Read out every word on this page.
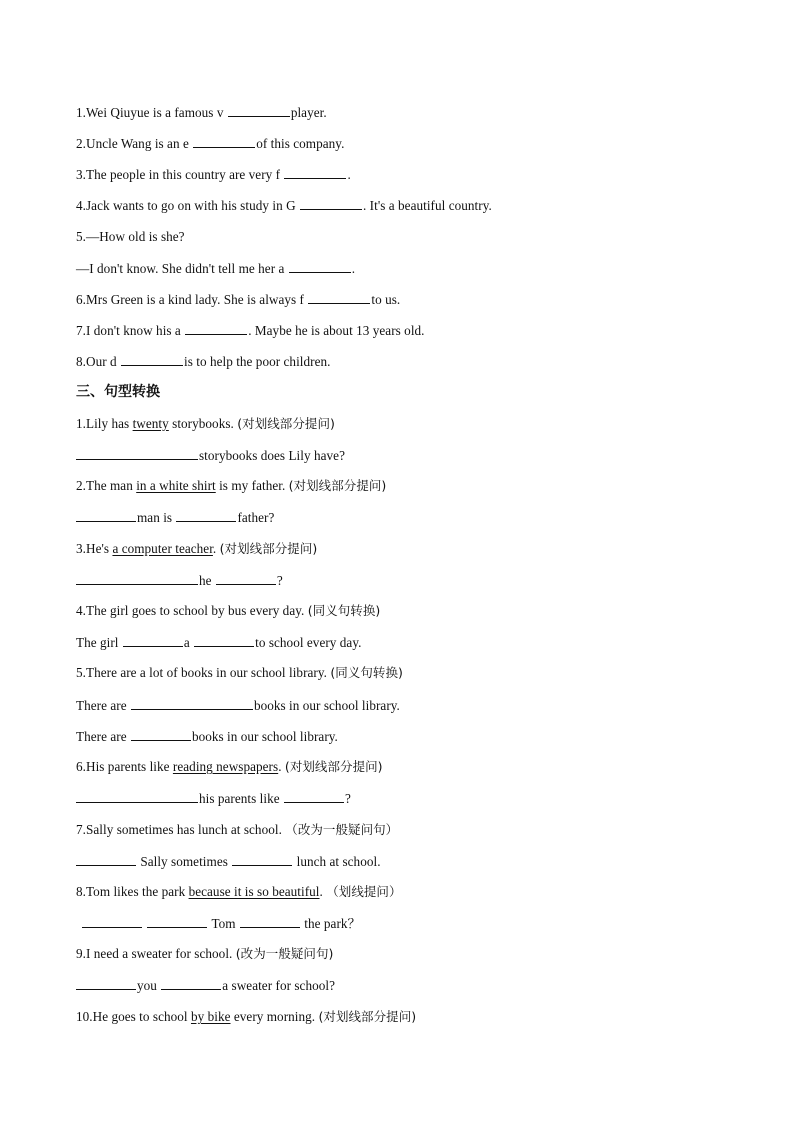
1.Wei Qiuyue is a famous v	player.
2.Uncle Wang is an e	of this company.
3.The people in this country are very f	.
4.Jack wants to go on with his study in G	. It's a beautiful country.
5.—How old is she?
—I don't know. She didn't tell me her a	.
6.Mrs Green is a kind lady. She is always f	to us.
7.I don't know his a	. Maybe he is about 13 years old.
8.Our d	is to help the poor children.
三、句型转换
1.Lily has twenty storybooks. (对划线部分提问)
storybooks does Lily have?
2.The man in a white shirt is my father. (对划线部分提问)
man is	father?
3.He's a computer teacher. (对划线部分提问)
he	?
4.The girl goes to school by bus every day. (同义句转换)
The girl	a	to school every day.
5.There are a lot of books in our school library. (同义句转换)
There are	books in our school library.
There are	books in our school library.
6.His parents like reading newspapers. (对划线部分提问)
his parents like	?
7.Sally sometimes has lunch at school. （改为一般疑问句）
Sally sometimes	lunch at school.
8.Tom likes the park because it is so beautiful. （划线提问）
Tom	the park？
9.I need a sweater for school. (改为一般疑问句)
you	a sweater for school?
10.He goes to school by bike every morning. (对划线部分提问)
